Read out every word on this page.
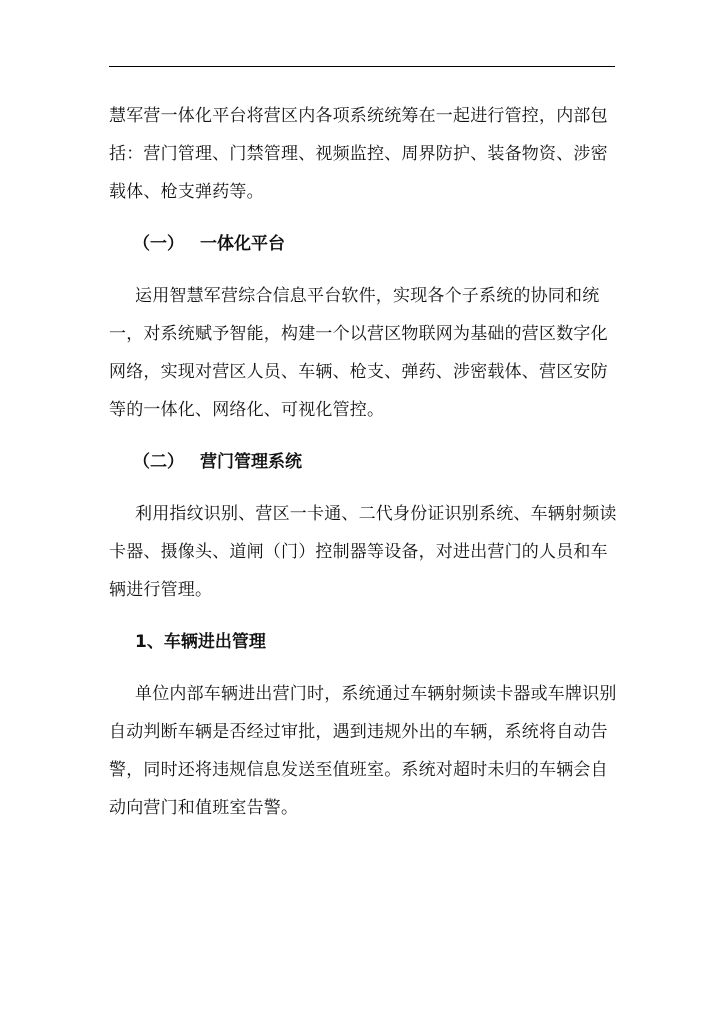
慧军营一体化平台将营区内各项系统统筹在一起进行管控，内部包括：营门管理、门禁管理、视频监控、周界防护、装备物资、涉密载体、枪支弹药等。

（一） 一体化平台

运用智慧军营综合信息平台软件，实现各个子系统的协同和统一，对系统赋予智能，构建一个以营区物联网为基础的营区数字化网络，实现对营区人员、车辆、枪支、弹药、涉密载体、营区安防等的一体化、网络化、可视化管控。

（二） 营门管理系统

利用指纹识别、营区一卡通、二代身份证识别系统、车辆射频读卡器、摄像头、道闸（门）控制器等设备，对进出营门的人员和车辆进行管理。

1、车辆进出管理

单位内部车辆进出营门时，系统通过车辆射频读卡器或车牌识别自动判断车辆是否经过审批，遇到违规外出的车辆，系统将自动告警，同时还将违规信息发送至值班室。系统对超时未归的车辆会自动向营门和值班室告警。
